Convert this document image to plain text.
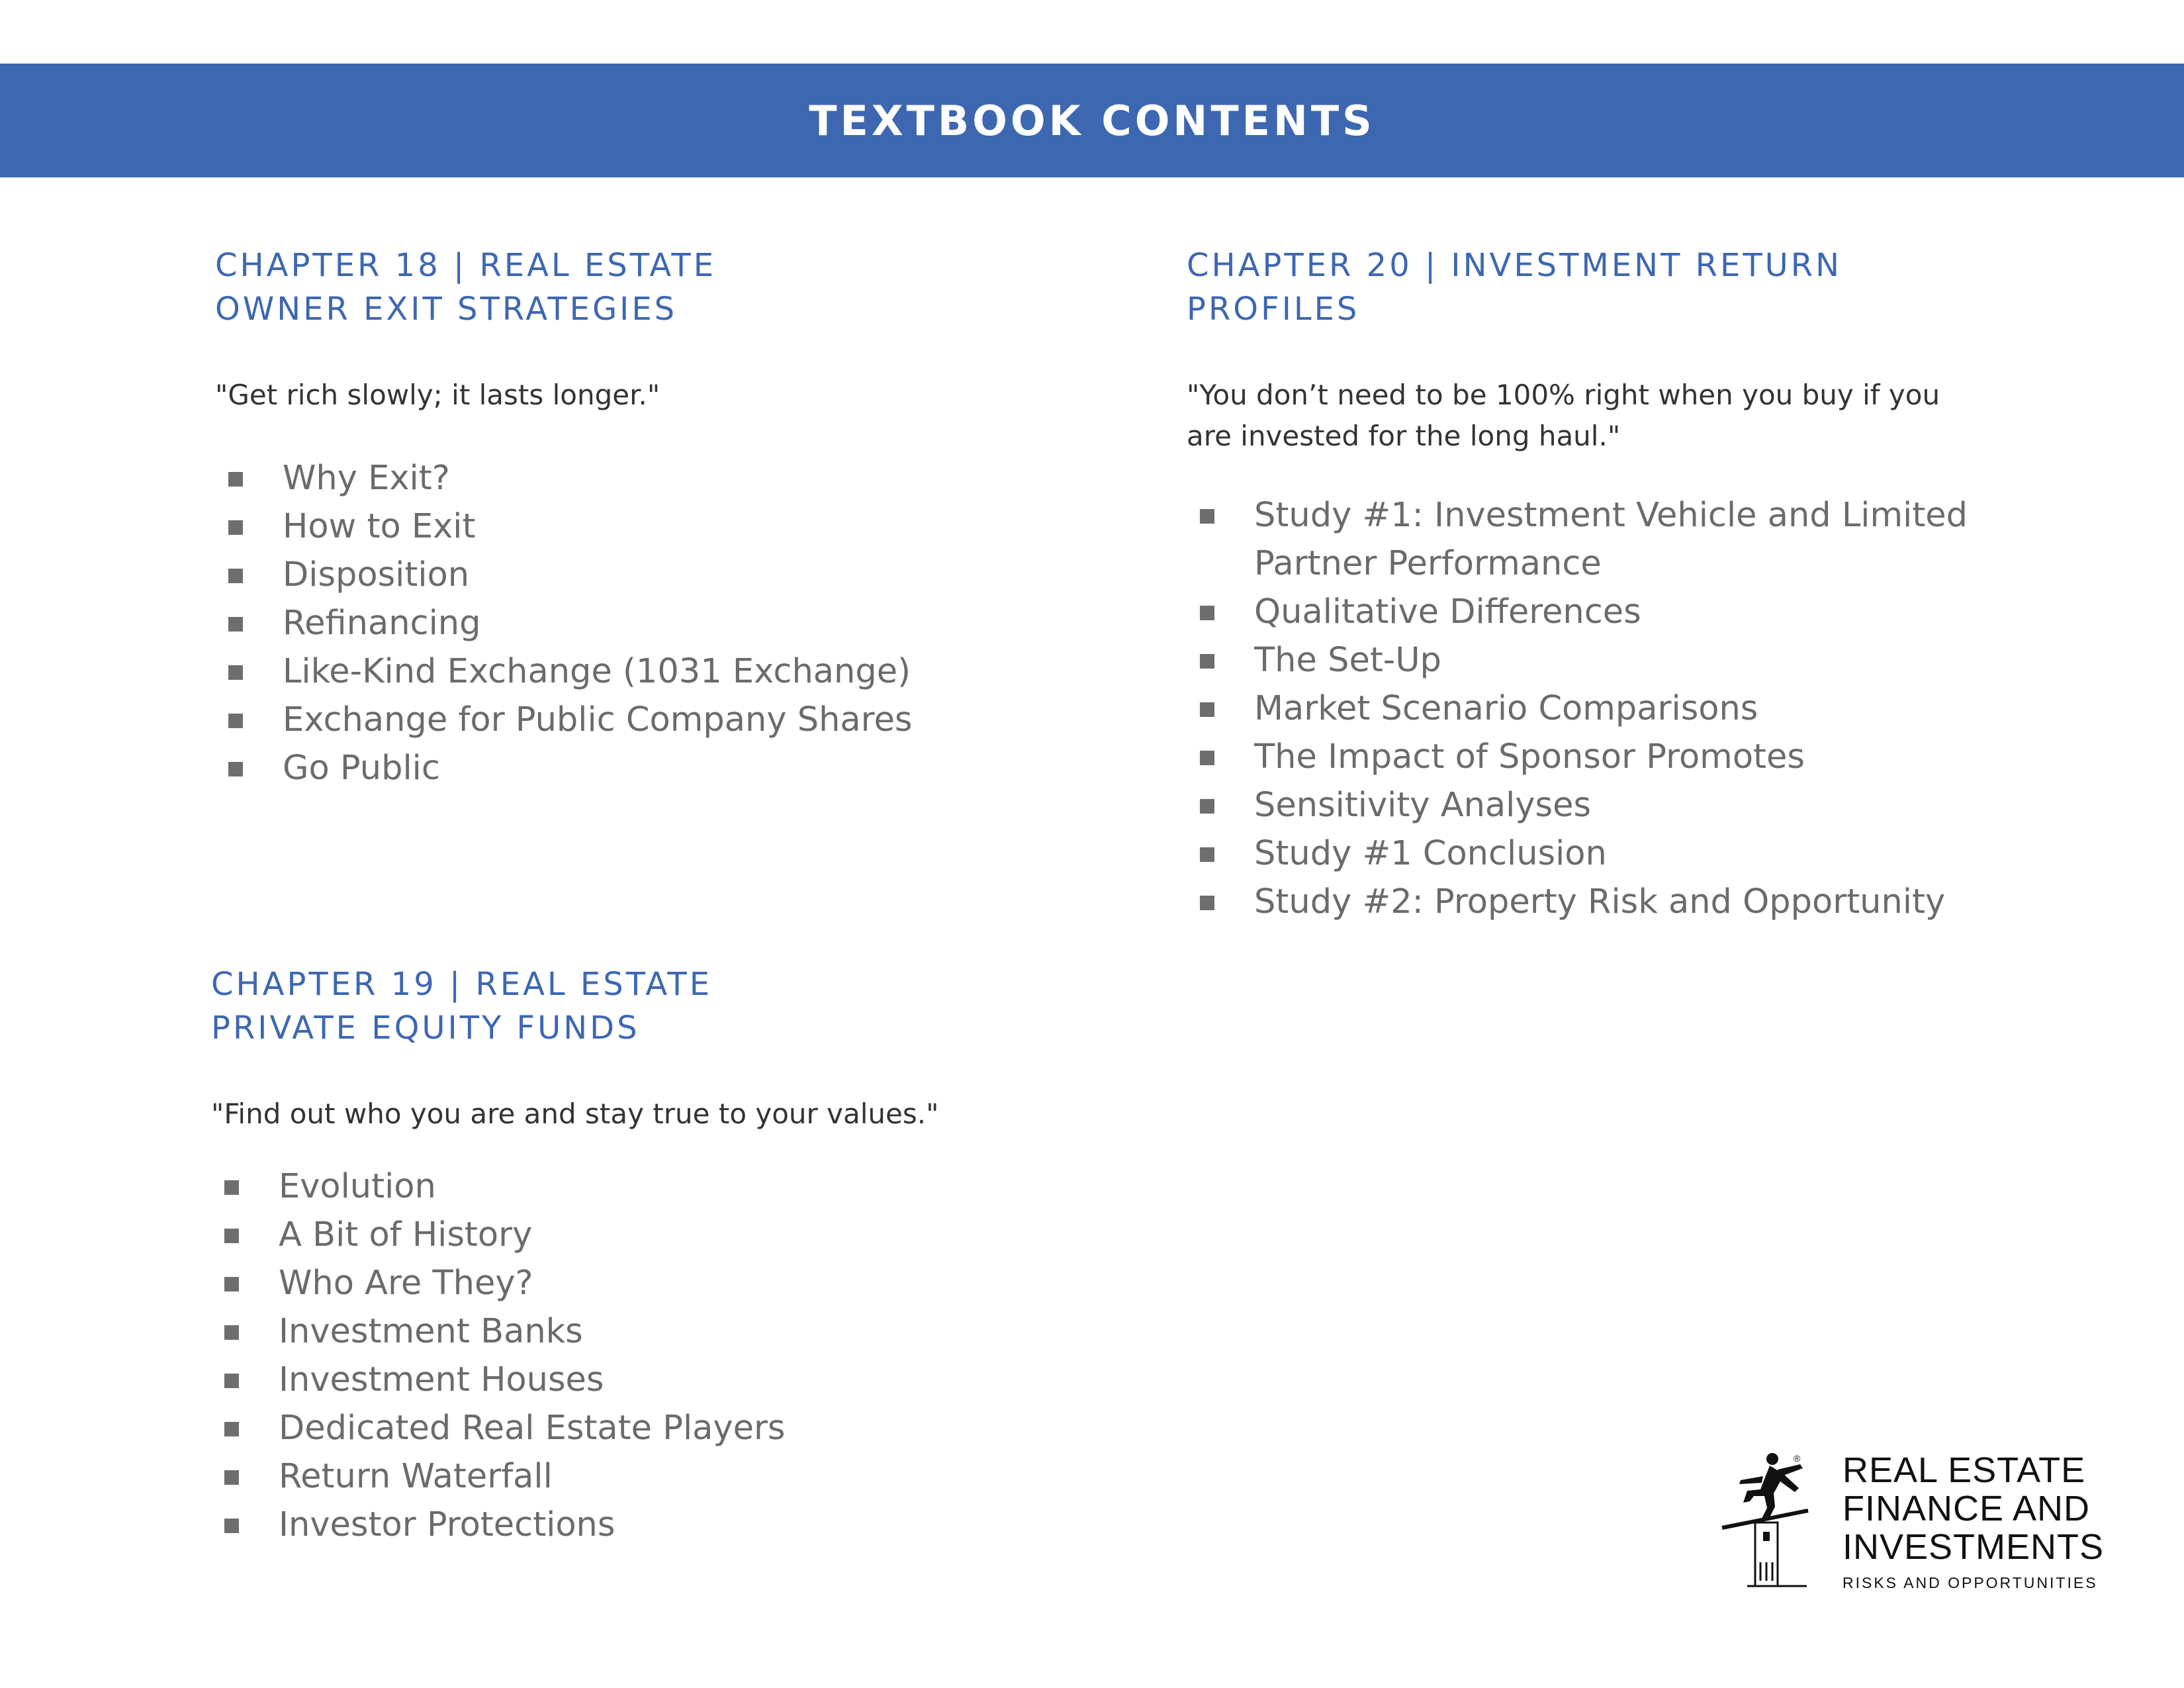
TEXTBOOK CONTENTS
CHAPTER 18 | REAL ESTATE
OWNER EXIT STRATEGIES

"Get rich slowly; it lasts longer."

Why Exit?
How to Exit
Disposition
Refinancing
Like-Kind Exchange (1031 Exchange)
Exchange for Public Company Shares
Go Public
CHAPTER 19 | REAL ESTATE
PRIVATE EQUITY FUNDS

"Find out who you are and stay true to your values."

Evolution
A Bit of History
Who Are They?
Investment Banks
Investment Houses
Dedicated Real Estate Players
Return Waterfall
Investor Protections
CHAPTER 20 | INVESTMENT RETURN
PROFILES

"You don’t need to be 100% right when you buy if you
are invested for the long haul."

Study #1: Investment Vehicle and Limited
Partner Performance
Qualitative Differences
The Set-Up
Market Scenario Comparisons
The Impact of Sponsor Promotes
Sensitivity Analyses
Study #1 Conclusion
Study #2: Property Risk and Opportunity
® REAL ESTATE
FINANCE AND
INVESTMENTS
RISKS AND OPPORTUNITIES
